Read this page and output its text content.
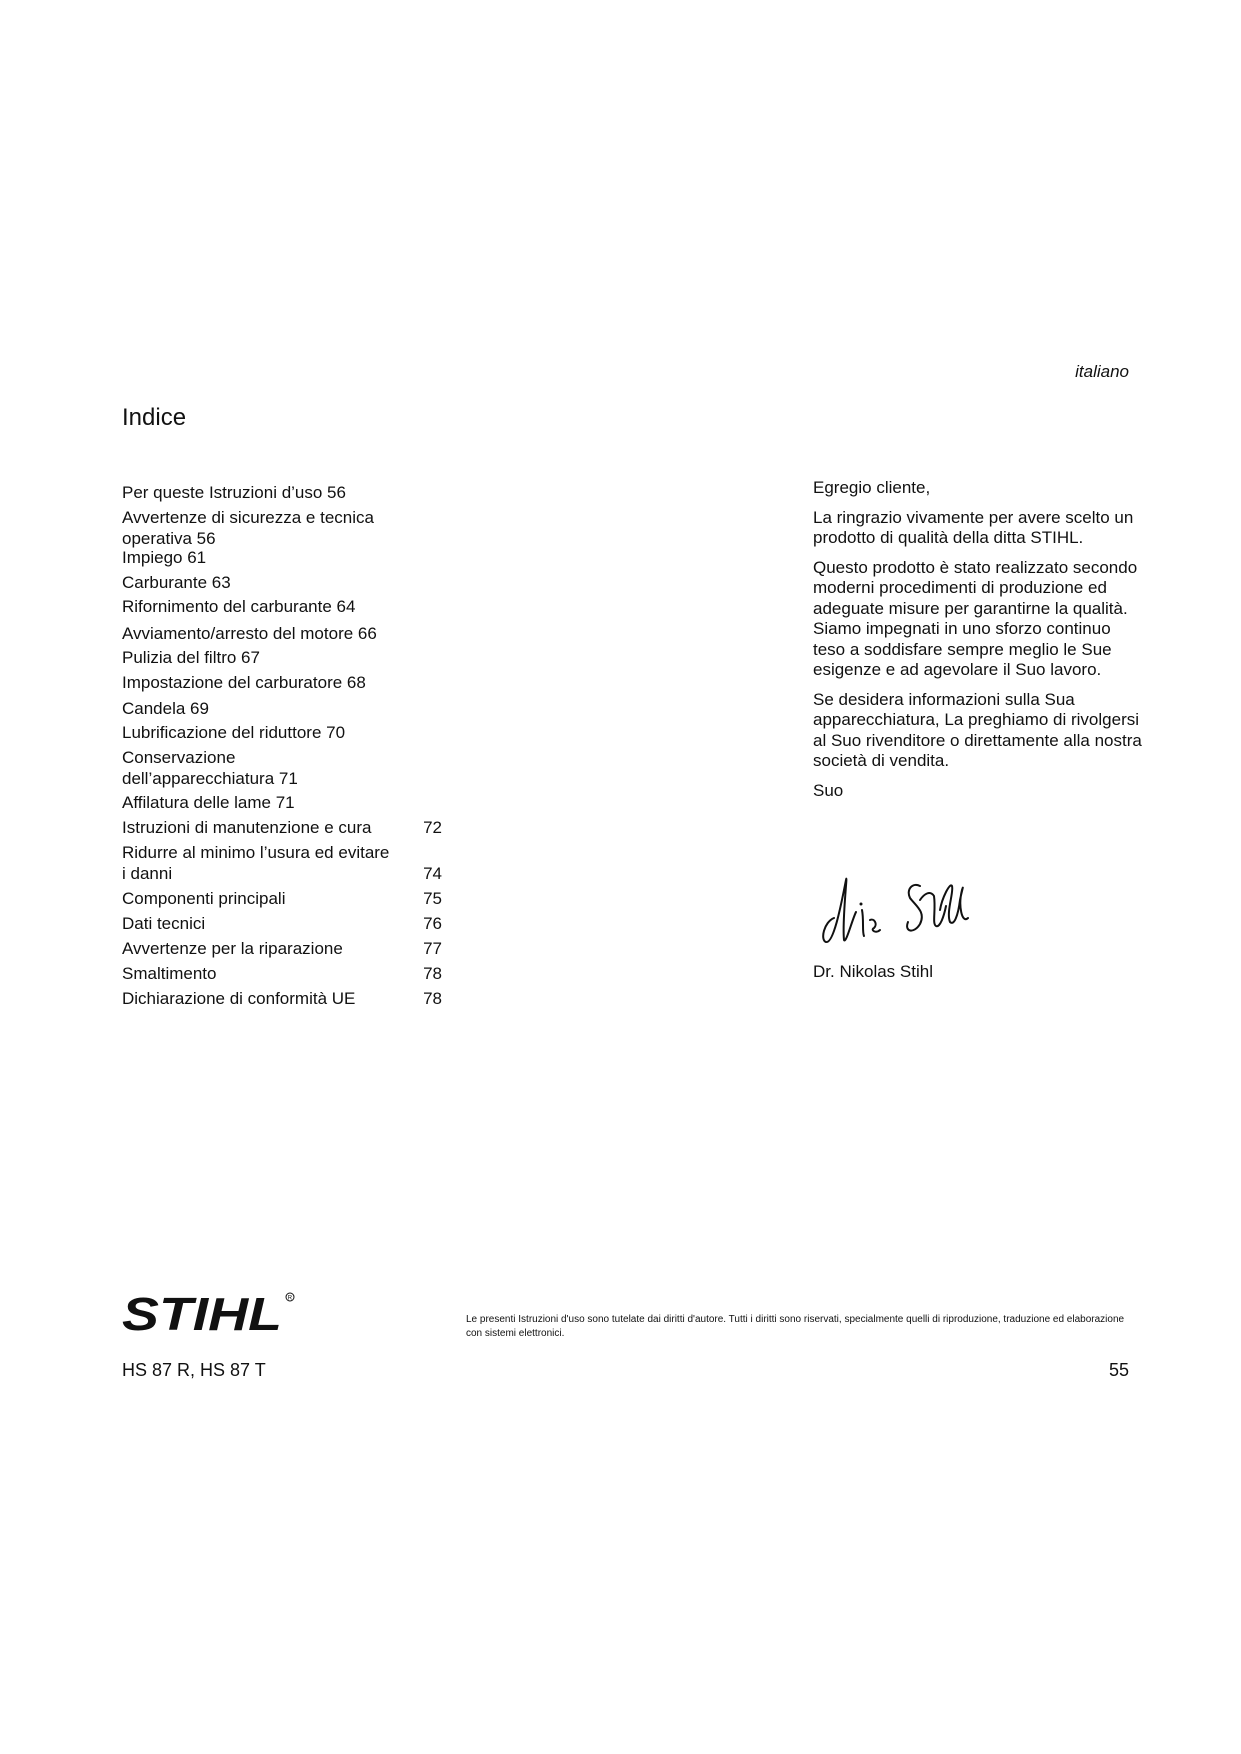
italiano
Indice
Per queste Istruzioni d’uso 56
Avvertenze di sicurezza e tecnica operativa 56
Impiego 61
Carburante 63
Rifornimento del carburante 64
Avviamento/arresto del motore 66
Pulizia del filtro 67
Impostazione del carburatore 68
Candela 69
Lubrificazione del riduttore 70
Conservazione dell’apparecchiatura 71
Affilatura delle lame 71
Istruzioni di manutenzione e cura	72
Ridurre al minimo l’usura ed evitare i danni	74
Componenti principali	75
Dati tecnici	76
Avvertenze per la riparazione	77
Smaltimento	78
Dichiarazione di conformità UE	78

Egregio cliente,

La ringrazio vivamente per avere scelto un prodotto di qualità della ditta STIHL.

Questo prodotto è stato realizzato secondo moderni procedimenti di produzione ed adeguate misure per garantirne la qualità. Siamo impegnati in uno sforzo continuo teso a soddisfare sempre meglio le Sue esigenze e ad agevolare il Suo lavoro.

Se desidera informazioni sulla Sua apparecchiatura, La preghiamo di rivolgersi al Suo rivenditore o direttamente alla nostra società di vendita.

Suo

Dr. Nikolas Stihl
STIHL R
Le presenti Istruzioni d'uso sono tutelate dai diritti d'autore. Tutti i diritti sono riservati, specialmente quelli di riproduzione, traduzione ed elaborazione con sistemi elettronici.
HS 87 R, HS 87 T	55
